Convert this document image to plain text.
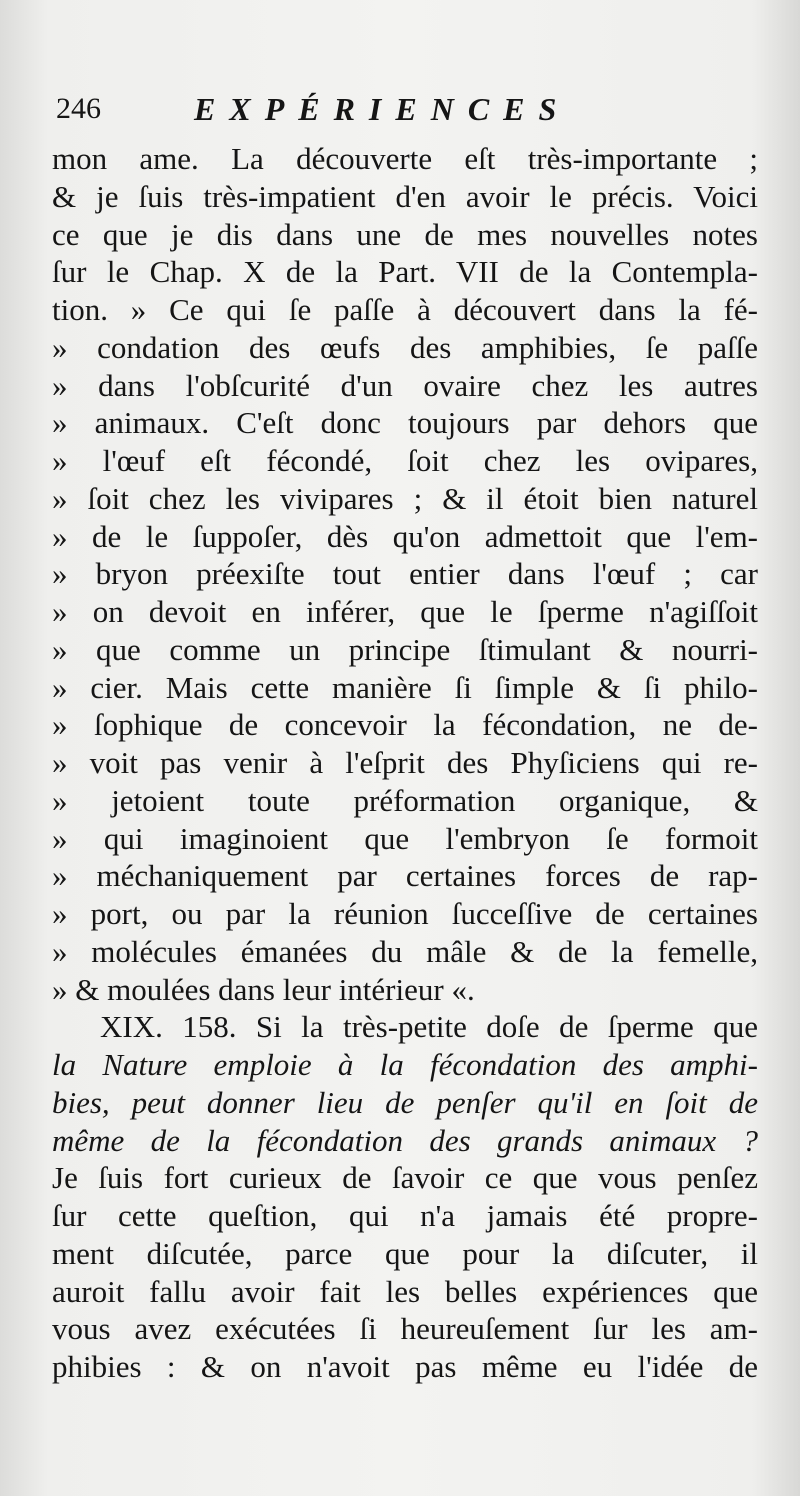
246	EXPÉRIENCES
mon ame. La découverte eſt très-importante ;
& je ſuis très-impatient d'en avoir le précis. Voici
ce que je dis dans une de mes nouvelles notes
ſur le Chap. X de la Part. VII de la Contempla-
tion. » Ce qui ſe paſſe à découvert dans la fé-
» condation des œufs des amphibies, ſe paſſe
» dans l'obſcurité d'un ovaire chez les autres
» animaux. C'eſt donc toujours par dehors que
» l'œuf eſt fécondé, ſoit chez les ovipares,
» ſoit chez les vivipares ; & il étoit bien naturel
» de le ſuppoſer, dès qu'on admettoit que l'em-
» bryon préexiſte tout entier dans l'œuf ; car
» on devoit en inférer, que le ſperme n'agiſſoit
» que comme un principe ſtimulant & nourri-
» cier. Mais cette manière ſi ſimple & ſi philo-
» ſophique de concevoir la fécondation, ne de-
» voit pas venir à l'eſprit des Phyſiciens qui re-
» jetoient toute préformation organique, &
» qui imaginoient que l'embryon ſe formoit
» méchaniquement par certaines forces de rap-
» port, ou par la réunion ſucceſſive de certaines
» molécules émanées du mâle & de la femelle,
» & moulées dans leur intérieur «.
XIX. 158. Si la très-petite doſe de ſperme que
la Nature emploie à la fécondation des amphi-
bies, peut donner lieu de penſer qu'il en ſoit de
même de la fécondation des grands animaux ?
Je ſuis fort curieux de ſavoir ce que vous penſez
ſur cette queſtion, qui n'a jamais été propre-
ment diſcutée, parce que pour la diſcuter, il
auroit fallu avoir fait les belles expériences que
vous avez exécutées ſi heureuſement ſur les am-
phibies : & on n'avoit pas même eu l'idée de
